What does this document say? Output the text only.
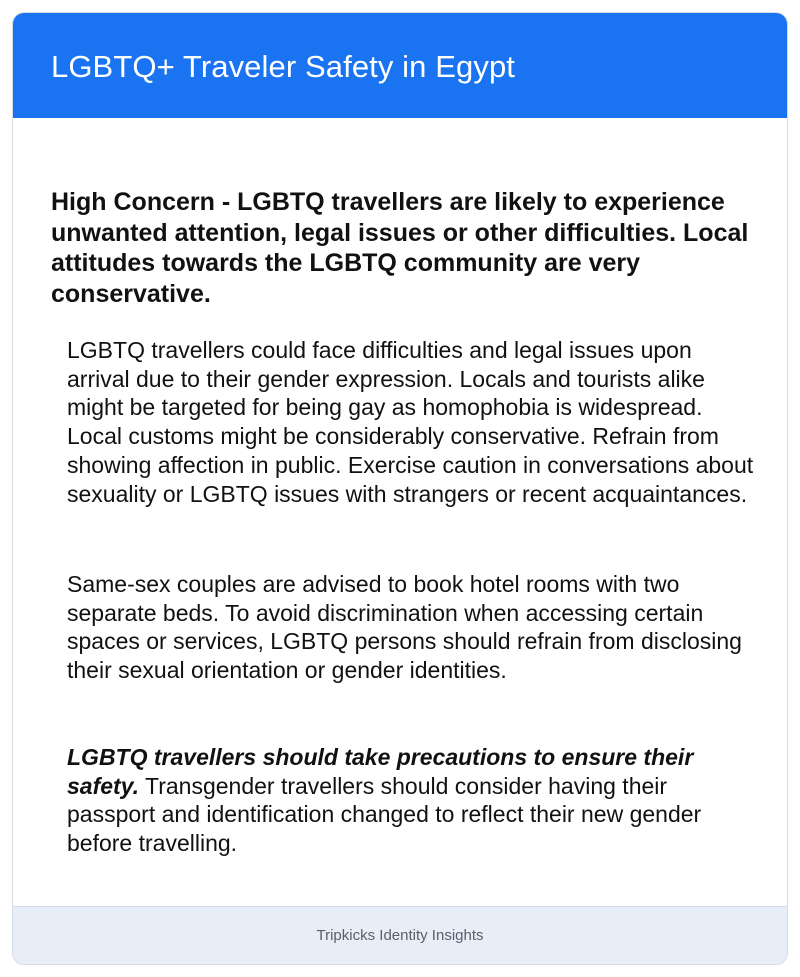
LGBTQ+ Traveler Safety in Egypt

High Concern - LGBTQ travellers are likely to experience unwanted attention, legal issues or other difficulties. Local attitudes towards the LGBTQ community are very conservative.

LGBTQ travellers could face difficulties and legal issues upon arrival due to their gender expression. Locals and tourists alike might be targeted for being gay as homophobia is widespread. Local customs might be considerably conservative. Refrain from showing affection in public. Exercise caution in conversations about sexuality or LGBTQ issues with strangers or recent acquaintances.

Same-sex couples are advised to book hotel rooms with two separate beds. To avoid discrimination when accessing certain spaces or services, LGBTQ persons should refrain from disclosing their sexual orientation or gender identities.

LGBTQ travellers should take precautions to ensure their safety. Transgender travellers should consider having their passport and identification changed to reflect their new gender before travelling.

Tripkicks Identity Insights
